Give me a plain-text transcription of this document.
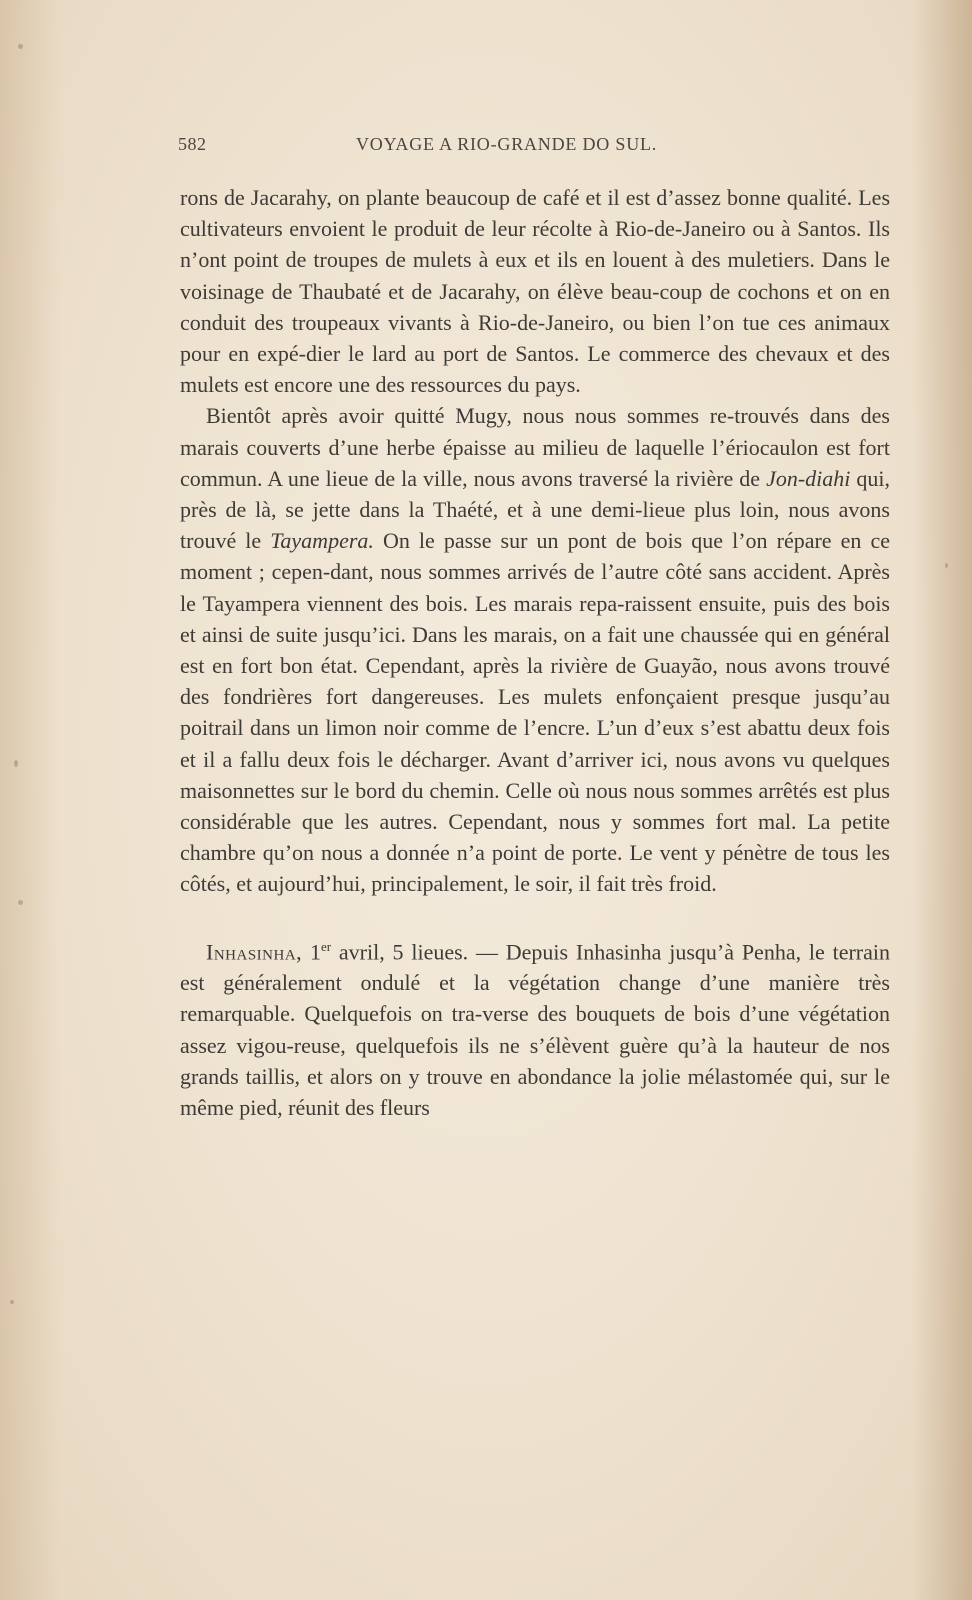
582	VOYAGE A RIO-GRANDE DO SUL.

rons de Jacarahy, on plante beaucoup de café et il est d’assez bonne qualité. Les cultivateurs envoient le produit de leur récolte à Rio-de-Janeiro ou à Santos. Ils n’ont point de troupes de mulets à eux et ils en louent à des muletiers. Dans le voisinage de Thaubaté et de Jacarahy, on élève beau-coup de cochons et on en conduit des troupeaux vivants à Rio-de-Janeiro, ou bien l’on tue ces animaux pour en expé-dier le lard au port de Santos. Le commerce des chevaux et des mulets est encore une des ressources du pays.

Bientôt après avoir quitté Mugy, nous nous sommes re-trouvés dans des marais couverts d’une herbe épaisse au milieu de laquelle l’ériocaulon est fort commun. A une lieue de la ville, nous avons traversé la rivière de Jon-diahi qui, près de là, se jette dans la Thaété, et à une demi-lieue plus loin, nous avons trouvé le Tayampera. On le passe sur un pont de bois que l’on répare en ce moment ; cepen-dant, nous sommes arrivés de l’autre côté sans accident. Après le Tayampera viennent des bois. Les marais repa-raissent ensuite, puis des bois et ainsi de suite jusqu’ici. Dans les marais, on a fait une chaussée qui en général est en fort bon état. Cependant, après la rivière de Guayão, nous avons trouvé des fondrières fort dangereuses. Les mulets enfonçaient presque jusqu’au poitrail dans un limon noir comme de l’encre. L’un d’eux s’est abattu deux fois et il a fallu deux fois le décharger. Avant d’arriver ici, nous avons vu quelques maisonnettes sur le bord du chemin. Celle où nous nous sommes arrêtés est plus considérable que les autres. Cependant, nous y sommes fort mal. La petite chambre qu’on nous a donnée n’a point de porte. Le vent y pénètre de tous les côtés, et aujourd’hui, principalement, le soir, il fait très froid.

Inhasinha, 1er avril, 5 lieues. — Depuis Inhasinha jusqu’à Penha, le terrain est généralement ondulé et la végétation change d’une manière très remarquable. Quelquefois on tra-verse des bouquets de bois d’une végétation assez vigou-reuse, quelquefois ils ne s’élèvent guère qu’à la hauteur de nos grands taillis, et alors on y trouve en abondance la jolie mélastomée qui, sur le même pied, réunit des fleurs
